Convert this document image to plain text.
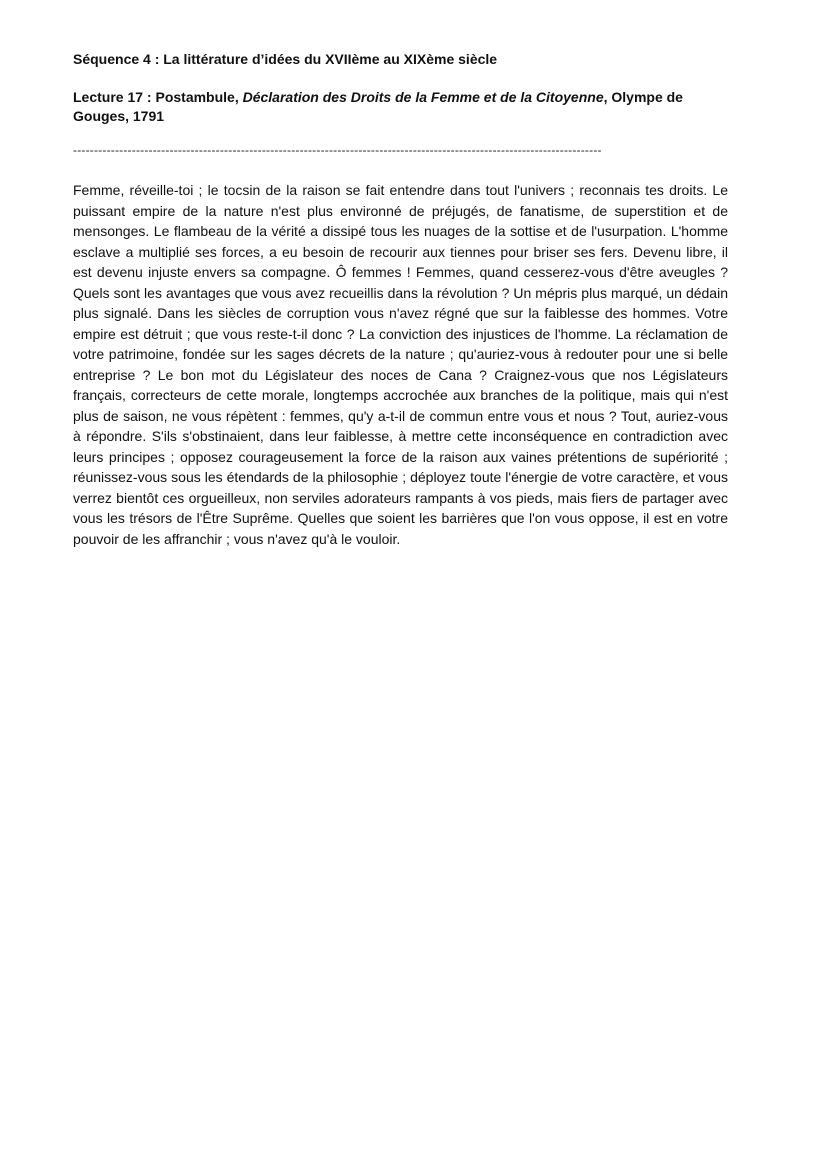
Séquence 4 : La littérature d’idées du XVIIème au XIXème siècle

Lecture 17 : Postambule, Déclaration des Droits de la Femme et de la Citoyenne, Olympe de Gouges, 1791

------------------------------------------------------------------------------------------------------------------------------

Femme, réveille-toi ; le tocsin de la raison se fait entendre dans tout l'univers ; reconnais tes droits. Le puissant empire de la nature n'est plus environné de préjugés, de fanatisme, de superstition et de mensonges. Le flambeau de la vérité a dissipé tous les nuages de la sottise et de l'usurpation. L'homme esclave a multiplié ses forces, a eu besoin de recourir aux tiennes pour briser ses fers. Devenu libre, il est devenu injuste envers sa compagne. Ô femmes ! Femmes, quand cesserez-vous d'être aveugles ? Quels sont les avantages que vous avez recueillis dans la révolution ? Un mépris plus marqué, un dédain plus signalé. Dans les siècles de corruption vous n'avez régné que sur la faiblesse des hommes. Votre empire est détruit ; que vous reste-t-il donc ? La conviction des injustices de l'homme. La réclamation de votre patrimoine, fondée sur les sages décrets de la nature ; qu'auriez-vous à redouter pour une si belle entreprise ? Le bon mot du Législateur des noces de Cana ? Craignez-vous que nos Législateurs français, correcteurs de cette morale, longtemps accrochée aux branches de la politique, mais qui n'est plus de saison, ne vous répètent : femmes, qu'y a-t-il de commun entre vous et nous ? Tout, auriez-vous à répondre. S'ils s'obstinaient, dans leur faiblesse, à mettre cette inconséquence en contradiction avec leurs principes ; opposez courageusement la force de la raison aux vaines prétentions de supériorité ; réunissez-vous sous les étendards de la philosophie ; déployez toute l'énergie de votre caractère, et vous verrez bientôt ces orgueilleux, non serviles adorateurs rampants à vos pieds, mais fiers de partager avec vous les trésors de l'Être Suprême. Quelles que soient les barrières que l'on vous oppose, il est en votre pouvoir de les affranchir ; vous n'avez qu'à le vouloir.
